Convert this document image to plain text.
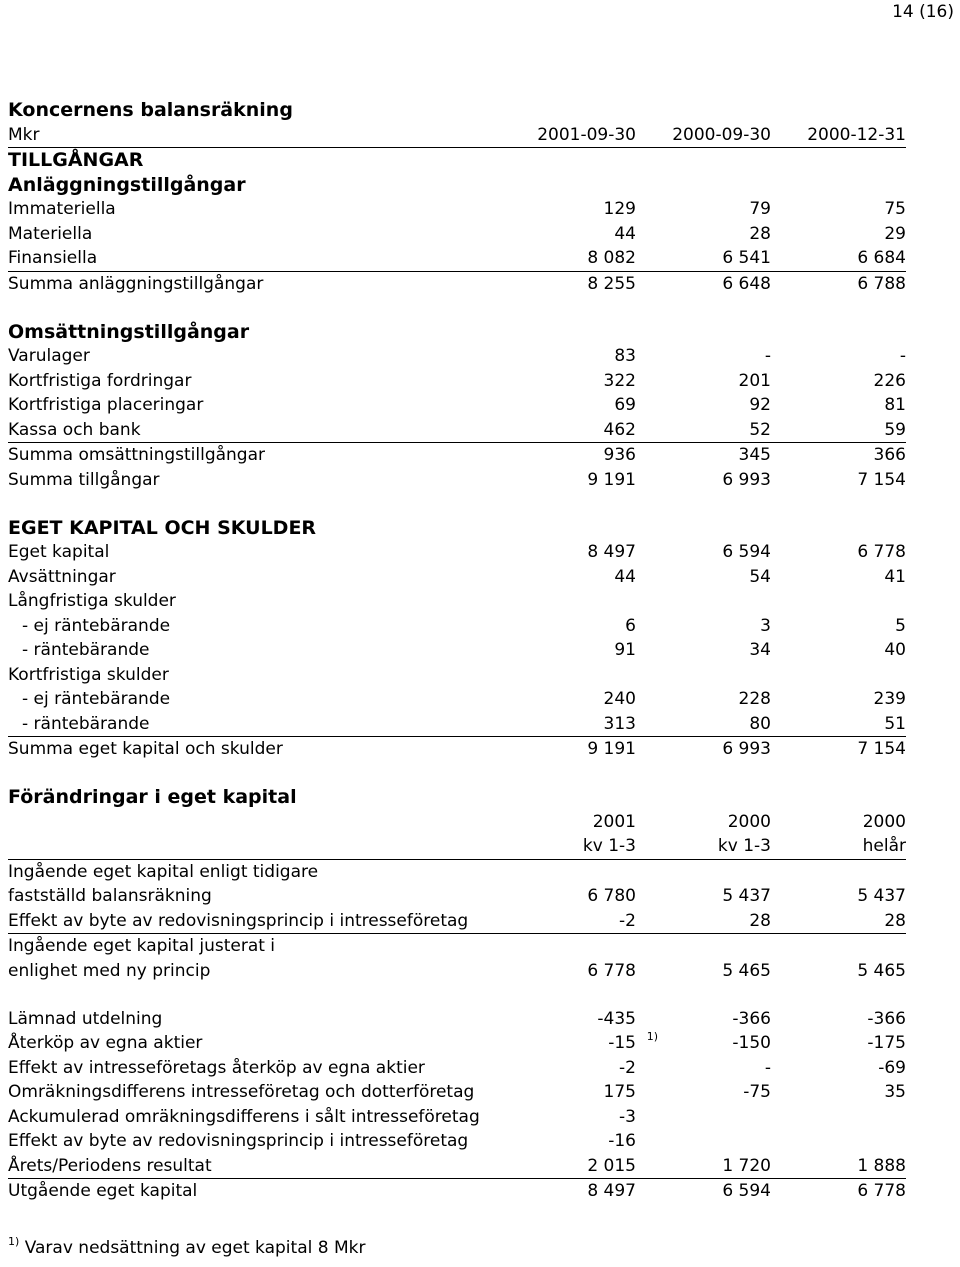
14 (16)
Koncernens balansräkning
Mkr	2001-09-30	2000-09-30	2000-12-31
TILLGÅNGAR
Anläggningstillgångar
Immateriella	129	79	75
Materiella	44	28	29
Finansiella	8 082	6 541	6 684
Summa anläggningstillgångar	8 255	6 648	6 788
Omsättningstillgångar
Varulager	83	-	-
Kortfristiga fordringar	322	201	226
Kortfristiga placeringar	69	92	81
Kassa och bank	462	52	59
Summa omsättningstillgångar	936	345	366
Summa tillgångar	9 191	6 993	7 154
EGET KAPITAL OCH SKULDER
Eget kapital	8 497	6 594	6 778
Avsättningar	44	54	41
Långfristiga skulder
- ej räntebärande	6	3	5
- räntebärande	91	34	40
Kortfristiga skulder
- ej räntebärande	240	228	239
- räntebärande	313	80	51
Summa eget kapital och skulder	9 191	6 993	7 154
Förändringar i eget kapital
2001	2000	2000
kv 1-3	kv 1-3	helår
Ingående eget kapital enligt tidigare
fastställd balansräkning	6 780	5 437	5 437
Effekt av byte av redovisningsprincip i intresseföretag	-2	28	28
Ingående eget kapital justerat i
enlighet med ny princip	6 778	5 465	5 465
Lämnad utdelning	-435	-366	-366
Återköp av egna aktier	-15 1)	-150	-175
Effekt av intresseföretags återköp av egna aktier	-2	-	-69
Omräkningsdifferens intresseföretag och dotterföretag	175	-75	35
Ackumulerad omräkningsdifferens i sålt intresseföretag	-3
Effekt av byte av redovisningsprincip i intresseföretag	-16
Årets/Periodens resultat	2 015	1 720	1 888
Utgående eget kapital	8 497	6 594	6 778
$^{1)}$ Varav nedsättning av eget kapital 8 Mkr
